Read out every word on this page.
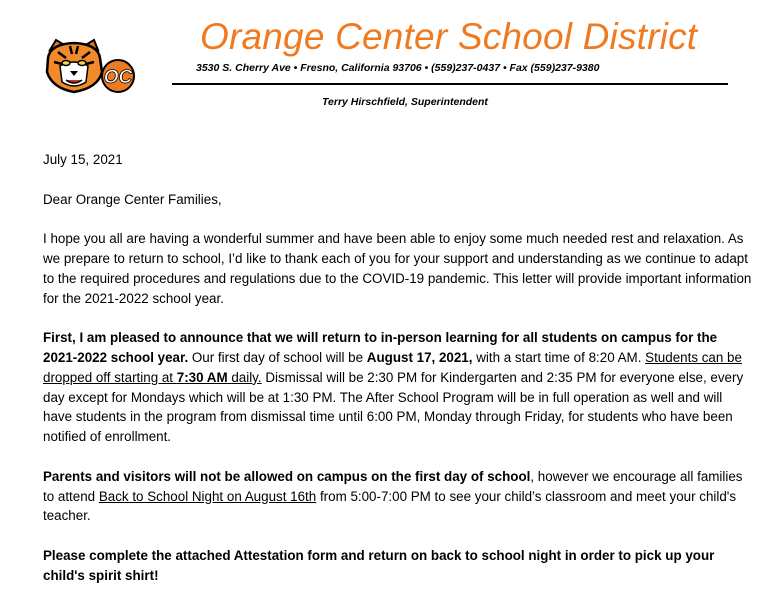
OC
Orange Center School District
3530 S. Cherry Ave • Fresno, California 93706 • (559)237-0437 • Fax (559)237-9380
Terry Hirschfield, Superintendent

July 15, 2021

Dear Orange Center Families,

I hope you all are having a wonderful summer and have been able to enjoy some much needed rest and relaxation. As we prepare to return to school, I’d like to thank each of you for your support and understanding as we continue to adapt to the required procedures and regulations due to the COVID-19 pandemic. This letter will provide important information for the 2021-2022 school year.

First, I am pleased to announce that we will return to in-person learning for all students on campus for the 2021-2022 school year. Our first day of school will be August 17, 2021, with a start time of 8:20 AM. Students can be dropped off starting at 7:30 AM daily. Dismissal will be 2:30 PM for Kindergarten and 2:35 PM for everyone else, every day except for Mondays which will be at 1:30 PM. The After School Program will be in full operation as well and will have students in the program from dismissal time until 6:00 PM, Monday through Friday, for students who have been notified of enrollment.

Parents and visitors will not be allowed on campus on the first day of school, however we encourage all families to attend Back to School Night on August 16th from 5:00-7:00 PM to see your child’s classroom and meet your child's teacher.

Please complete the attached Attestation form and return on back to school night in order to pick up your child's spirit shirt!
